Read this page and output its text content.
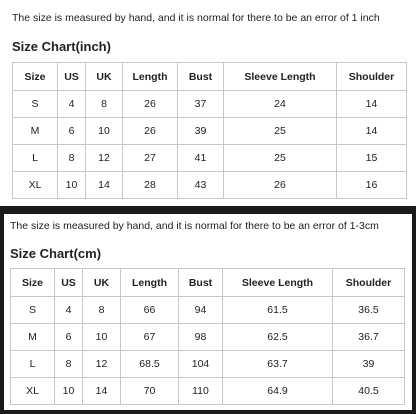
The size is measured by hand, and it is normal for there to be an error of 1 inch
Size Chart(inch)
Size	US	UK	Length	Bust	Sleeve Length	Shoulder
S	4	8	26	37	24	14
M	6	10	26	39	25	14
L	8	12	27	41	25	15
XL	10	14	28	43	26	16
The size is measured by hand, and it is normal for there to be an error of 1-3cm
Size Chart(cm)
Size	US	UK	Length	Bust	Sleeve Length	Shoulder
S	4	8	66	94	61.5	36.5
M	6	10	67	98	62.5	36.7
L	8	12	68.5	104	63.7	39
XL	10	14	70	110	64.9	40.5
